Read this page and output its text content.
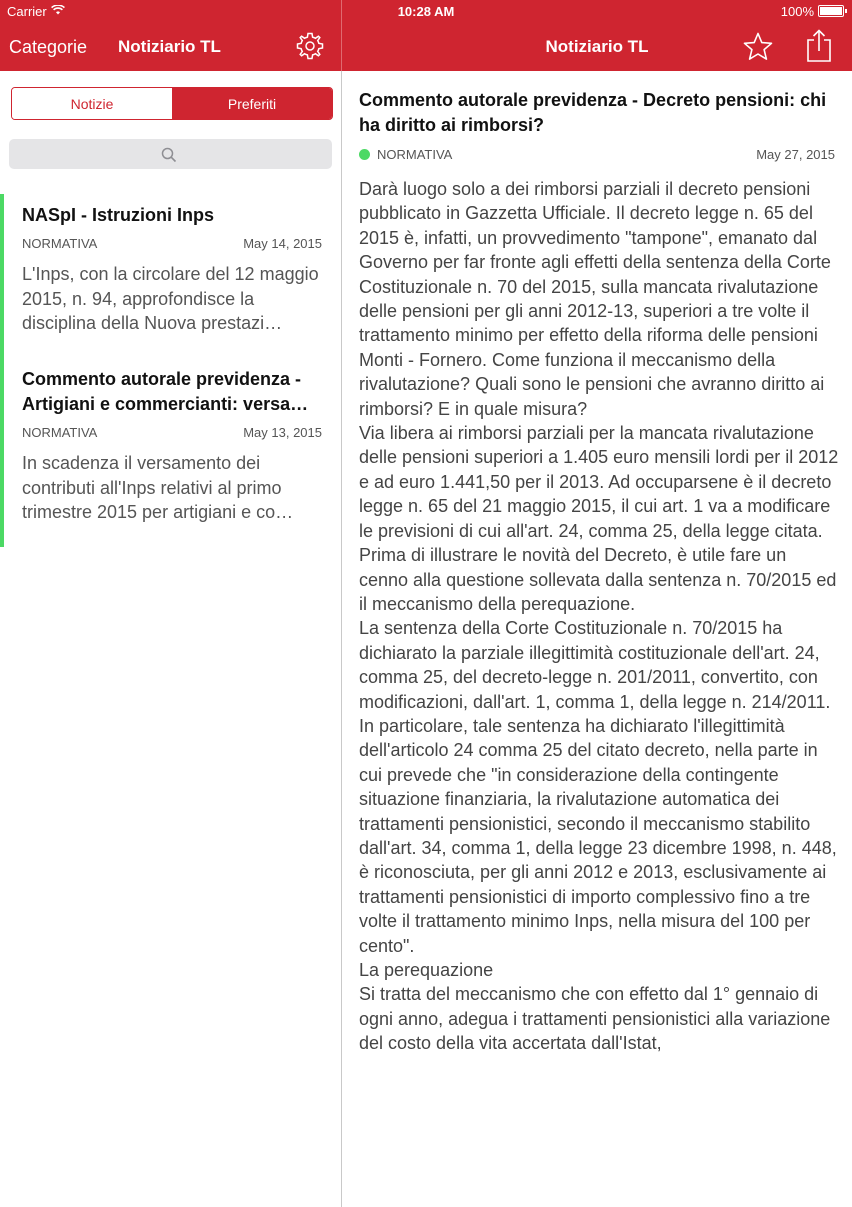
Carrier	10:28 AM	100%
Categorie Notiziario TL	Notiziario TL
Notizie	Preferiti
NASpI - Istruzioni Inps
NORMATIVA	May 14, 2015

L'Inps, con la circolare del 12 maggio 2015, n. 94, approfondisce la disciplina della Nuova prestazi…

Commento autorale previdenza - Artigiani e commercianti: versa…
NORMATIVA	May 13, 2015

In scadenza il versamento dei contributi all'Inps relativi al primo trimestre 2015 per artigiani e co…

Commento autorale previdenza - Decreto pensioni: chi ha diritto ai rimborsi?
NORMATIVA	May 27, 2015
Darà luogo solo a dei rimborsi parziali il decreto pensioni pubblicato in Gazzetta Ufficiale. Il decreto legge n. 65 del 2015 è, infatti, un provvedimento "tampone", emanato dal Governo per far fronte agli effetti della sentenza della Corte Costituzionale n. 70 del 2015, sulla mancata rivalutazione delle pensioni per gli anni 2012-13, superiori a tre volte il trattamento minimo per effetto della riforma delle pensioni Monti - Fornero. Come funziona il meccanismo della rivalutazione? Quali sono le pensioni che avranno diritto ai rimborsi? E in quale misura?
Via libera ai rimborsi parziali per la mancata rivalutazione delle pensioni superiori a 1.405 euro mensili lordi per il 2012 e ad euro 1.441,50 per il 2013. Ad occuparsene è il decreto legge n. 65 del 21 maggio 2015, il cui art. 1 va a modificare le previsioni di cui all'art. 24, comma 25, della legge citata.
Prima di illustrare le novità del Decreto, è utile fare un cenno alla questione sollevata dalla sentenza n. 70/2015 ed il meccanismo della perequazione.
La sentenza della Corte Costituzionale n. 70/2015 ha dichiarato la parziale illegittimità costituzionale dell'art. 24, comma 25, del decreto-legge n. 201/2011, convertito, con modificazioni, dall'art. 1, comma 1, della legge n. 214/2011. In particolare, tale sentenza ha dichiarato l'illegittimità dell'articolo 24 comma 25 del citato decreto, nella parte in cui prevede che "in considerazione della contingente situazione finanziaria, la rivalutazione automatica dei trattamenti pensionistici, secondo il meccanismo stabilito dall'art. 34, comma 1, della legge 23 dicembre 1998, n. 448, è riconosciuta, per gli anni 2012 e 2013, esclusivamente ai trattamenti pensionistici di importo complessivo fino a tre volte il trattamento minimo Inps, nella misura del 100 per cento".
La perequazione
Si tratta del meccanismo che con effetto dal 1° gennaio di ogni anno, adegua i trattamenti pensionistici alla variazione del costo della vita accertata dall'Istat,
